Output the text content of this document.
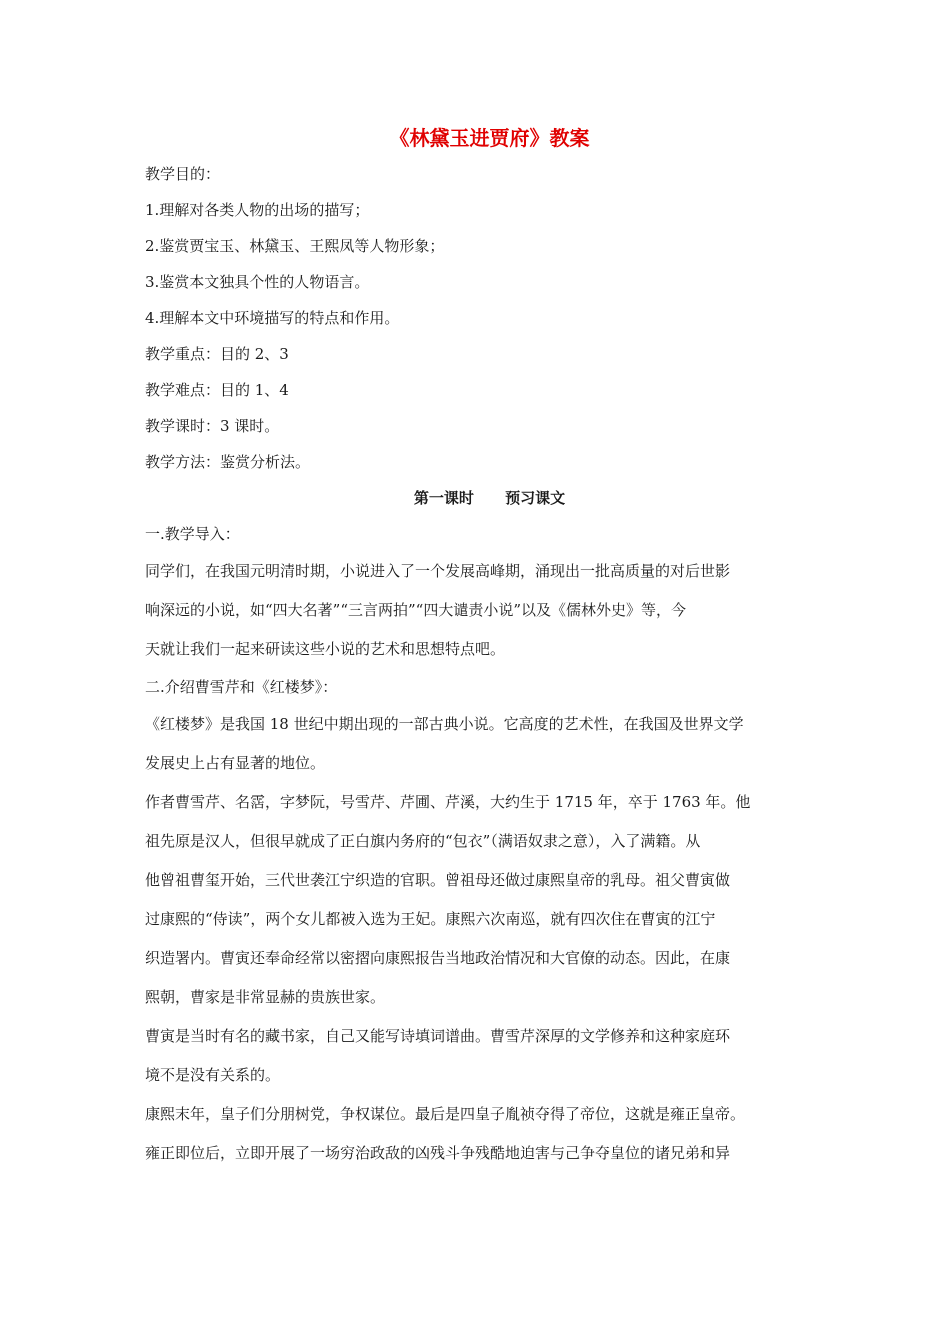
《林黛玉进贾府》教案
教学目的：
1.理解对各类人物的出场的描写；
2.鉴赏贾宝玉、林黛玉、王熙凤等人物形象；
3.鉴赏本文独具个性的人物语言。
4.理解本文中环境描写的特点和作用。
教学重点：目的 2、3
教学难点：目的 1、4
教学课时：3 课时。
教学方法：鉴赏分析法。
第一课时      预习课文
一.教学导入：
同学们，在我国元明清时期，小说进入了一个发展高峰期，涌现出一批高质量的对后世影
响深远的小说，如“四大名著”“三言两拍”“四大谴责小说”以及《儒林外史》等，今
天就让我们一起来研读这些小说的艺术和思想特点吧。
二.介绍曹雪芹和《红楼梦》：
《红楼梦》是我国 18 世纪中期出现的一部古典小说。它高度的艺术性，在我国及世界文学
发展史上占有显著的地位。
作者曹雪芹、名霑，字梦阮，号雪芹、芹圃、芹溪，大约生于 1715 年，卒于 1763 年。他
祖先原是汉人，但很早就成了正白旗内务府的“包衣”（满语奴隶之意），入了满籍。从
他曾祖曹玺开始，三代世袭江宁织造的官职。曾祖母还做过康熙皇帝的乳母。祖父曹寅做
过康熙的“侍读”，两个女儿都被入选为王妃。康熙六次南巡，就有四次住在曹寅的江宁
织造署内。曹寅还奉命经常以密摺向康熙报告当地政治情况和大官僚的动态。因此，在康
熙朝，曹家是非常显赫的贵族世家。
曹寅是当时有名的藏书家，自己又能写诗填词谱曲。曹雪芹深厚的文学修养和这种家庭环
境不是没有关系的。
康熙末年，皇子们分朋树党，争权谋位。最后是四皇子胤祯夺得了帝位，这就是雍正皇帝。
雍正即位后，立即开展了一场穷治政敌的凶残斗争残酷地迫害与己争夺皇位的诸兄弟和异
